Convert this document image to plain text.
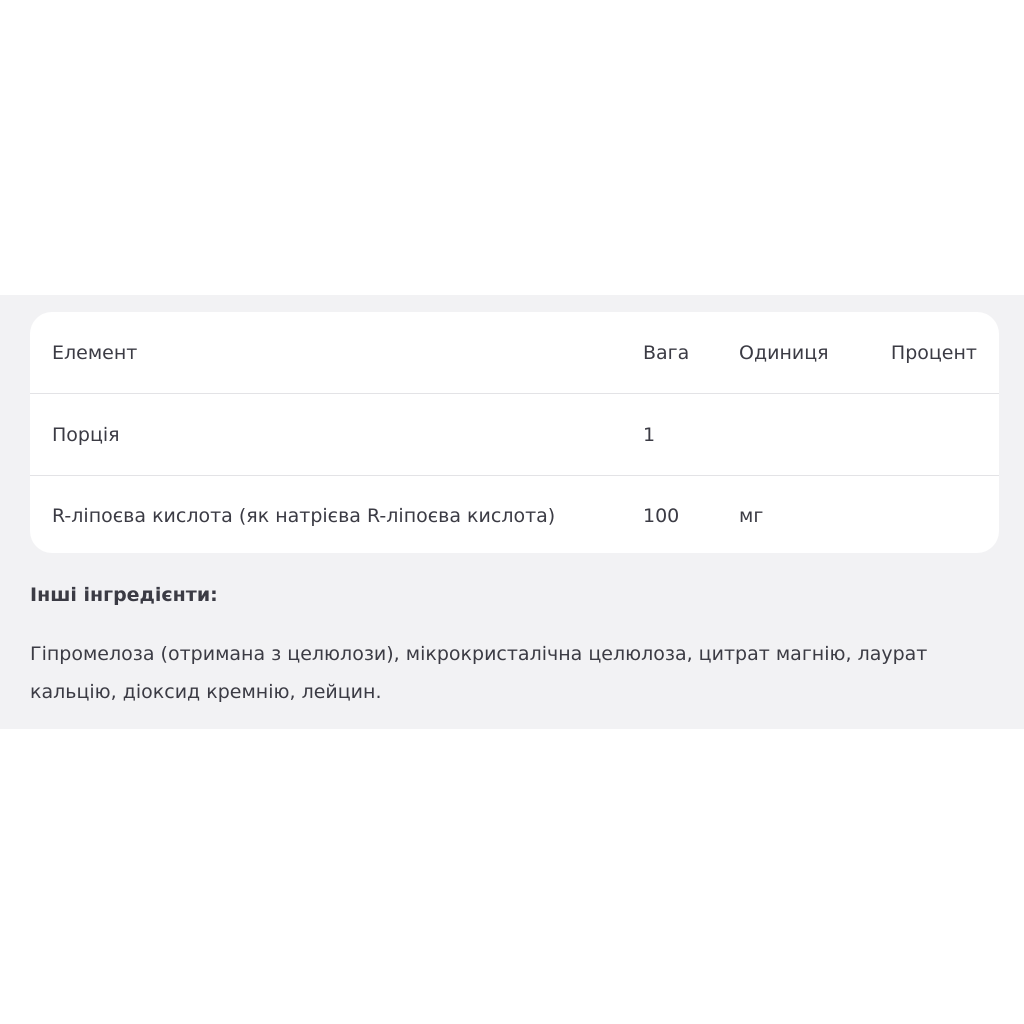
Елемент	Вага	Одиниця	Процент
Порція	1
R-ліпоєва кислота (як натрієва R-ліпоєва кислота)	100	мг
Інші інгредієнти:
Гіпромелоза (отримана з целюлози), мікрокристалічна целюлоза, цитрат магнію, лаурат кальцію, діоксид кремнію, лейцин.
